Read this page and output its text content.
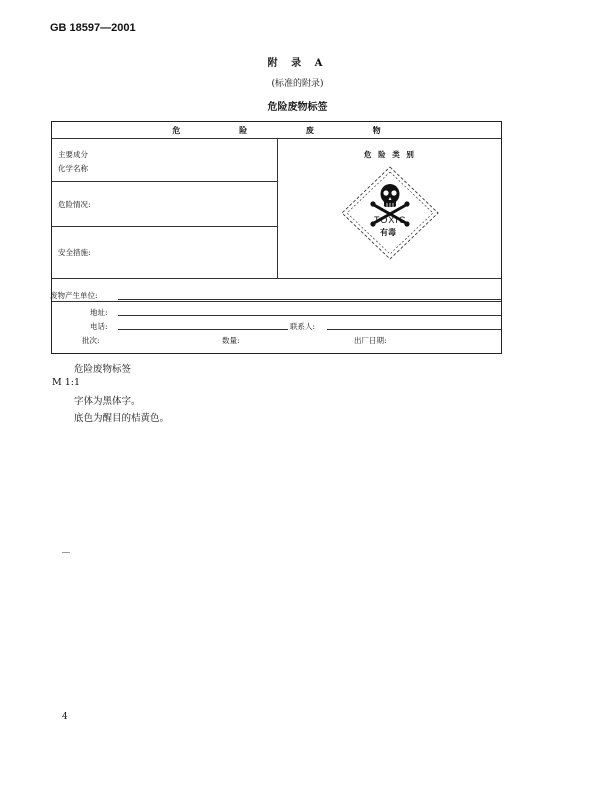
GB 18597—2001
附 录 A
(标准的附录)
危险废物标签
危 险 废 物
主要成分
化学名称
危险情况:
安全措施:
危 险 类 别
TOXIC
有毒
废物产生单位:
地址:
电话:	联系人:
批次:	数量:	出厂日期:
危险废物标签
M 1:1
字体为黑体字。
底色为醒目的桔黄色。
4
